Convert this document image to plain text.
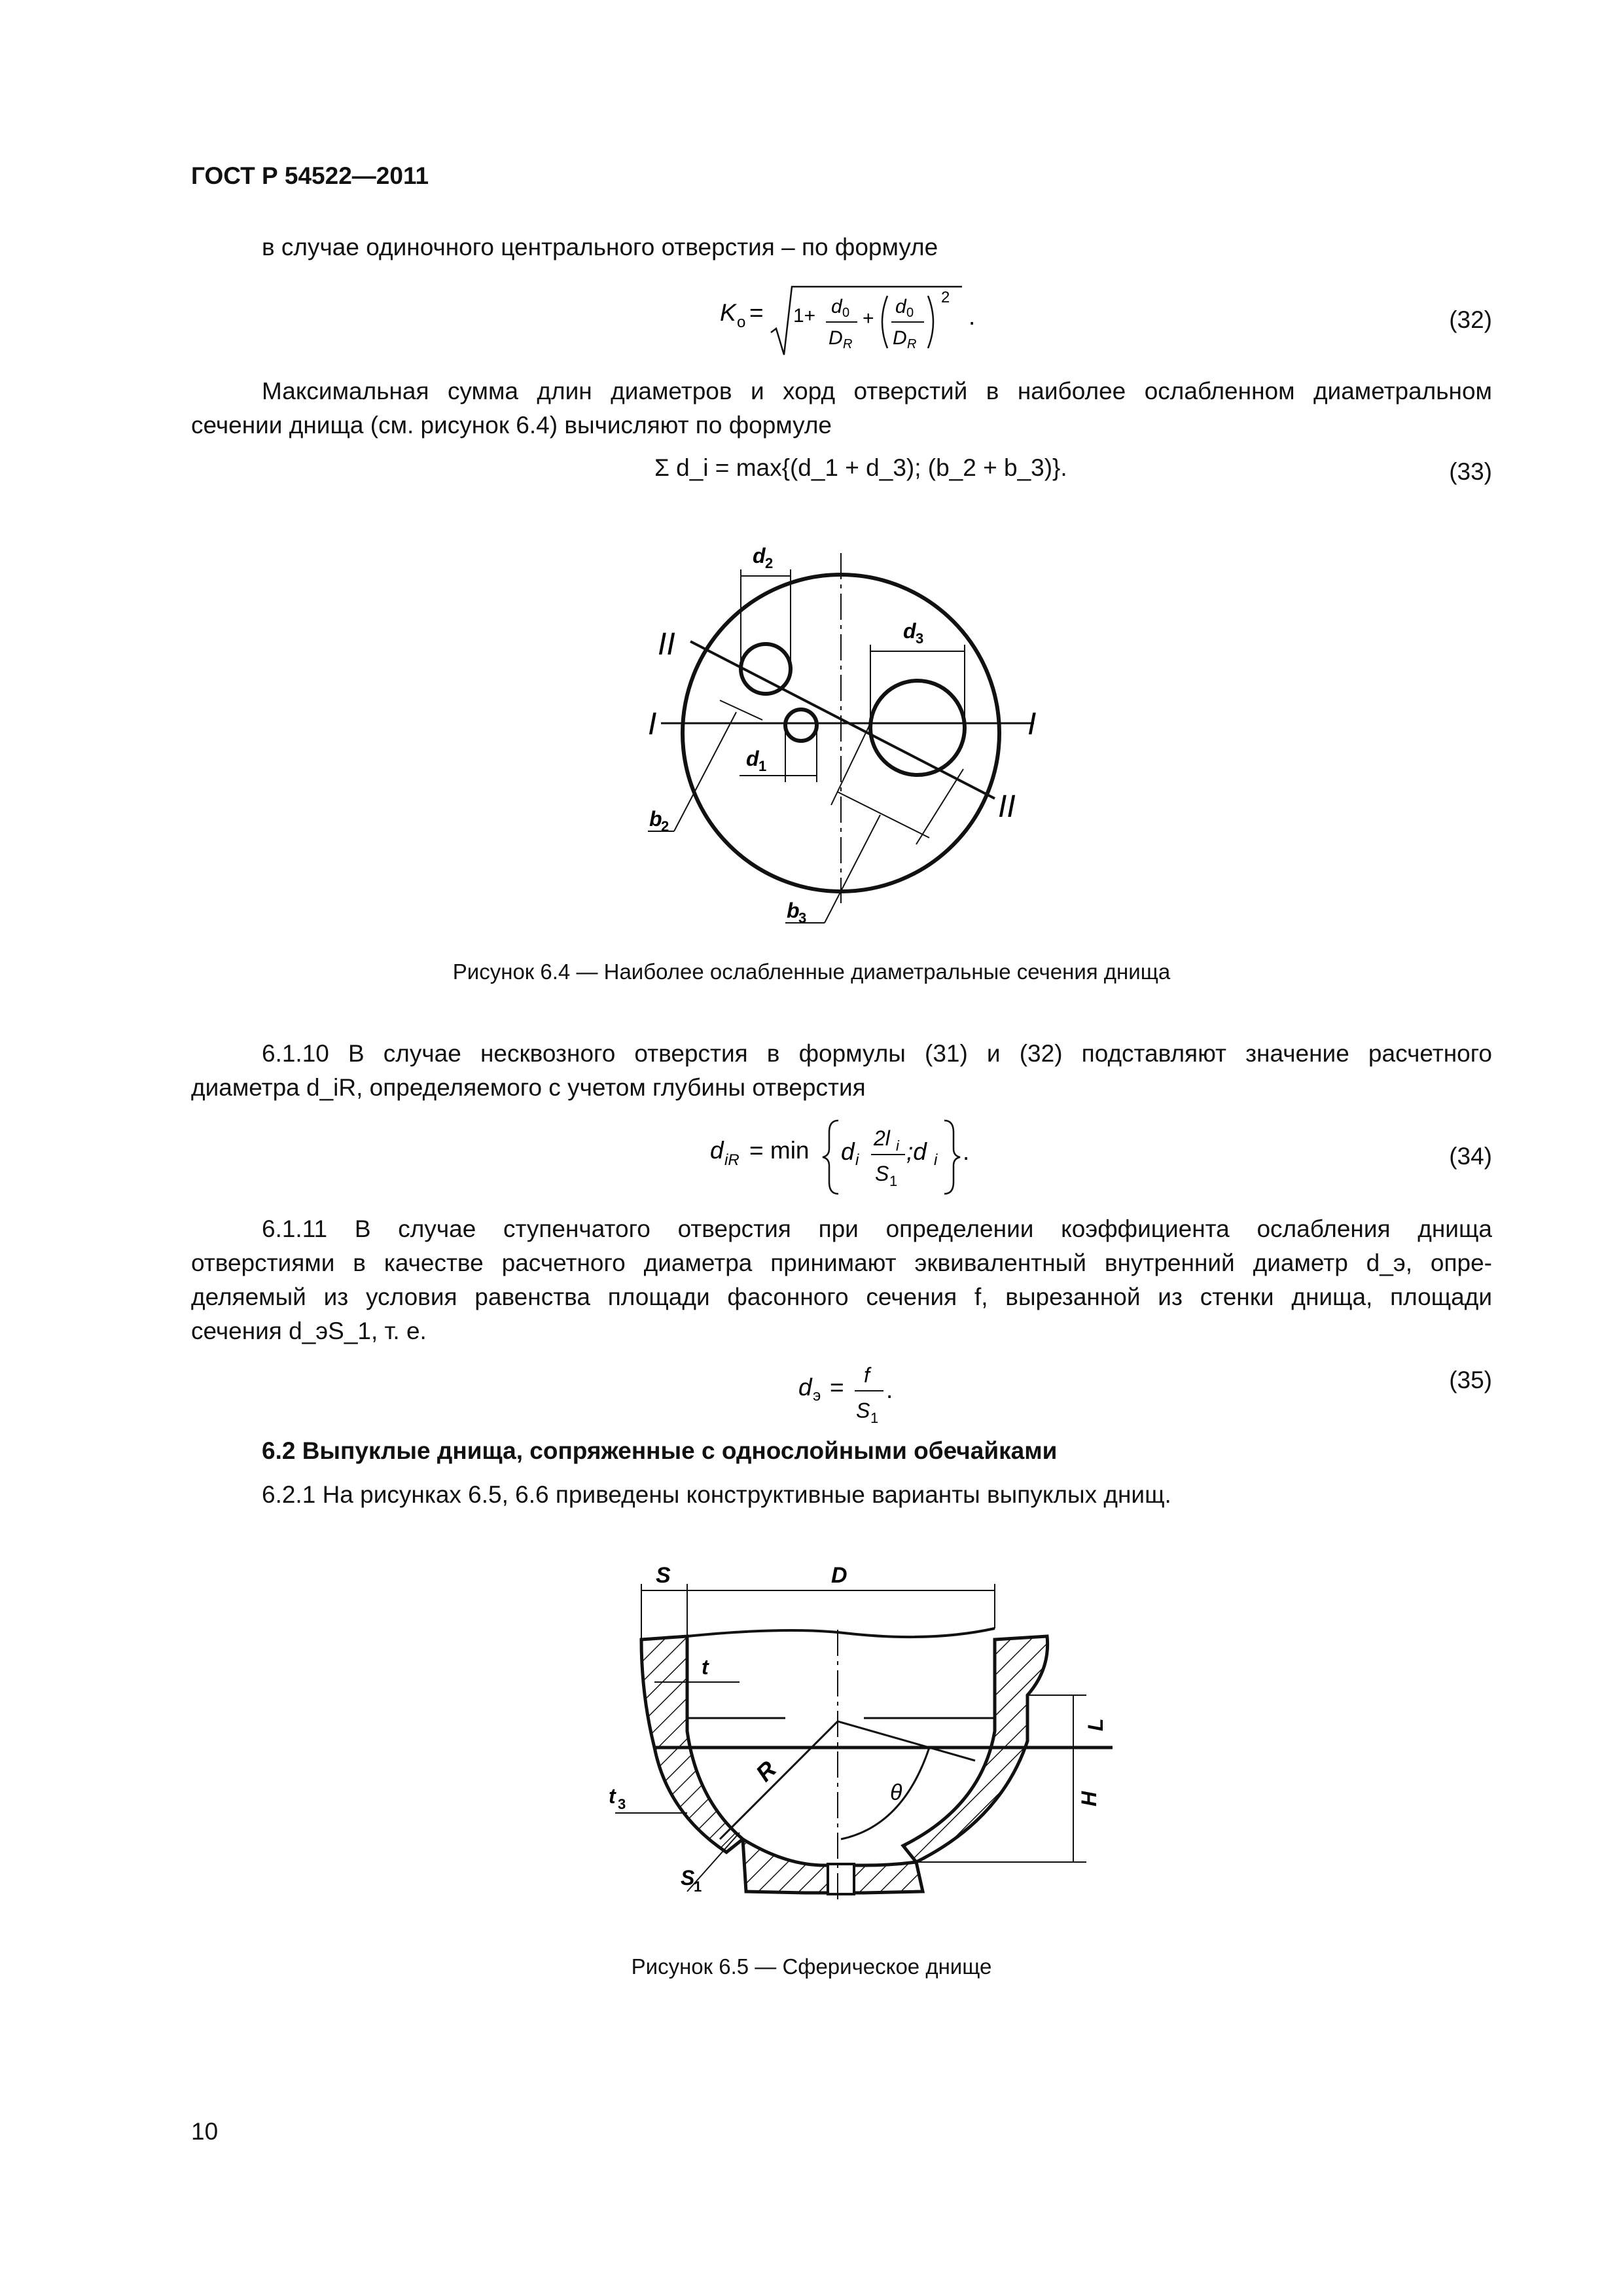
ГОСТ Р 54522—2011
в случае одиночного центрального отверстия – по формуле
K o = 1+ d 0
D R
+
d 0
D R
2
.	(32)
Максимальная сумма длин диаметров и хорд отверстий в наиболее ослабленном диаметральном
сечении днища (см. рисунок 6.4) вычисляют по формуле
Σ d_i = max{(d_1 + d_3); (b_2 + b_3)}.	(33)
d 2
d 3
d 1
b
2
b
3
I	I
II
II
Рисунок 6.4 — Наиболее ослабленные диаметральные сечения днища
6.1.10 В случае несквозного отверстия в формулы (31) и (32) подставляют значение расчетного
диаметра d_iR, определяемого с учетом глубины отверстия
d iR = min d i
2l i
S 1
;d i .	(34)
6.1.11 В случае ступенчатого отверстия при определении коэффициента ослабления днища
отверстиями в качестве расчетного диаметра принимают эквивалентный внутренний диаметр d_э, опре-
деляемый из условия равенства площади фасонного сечения f, вырезанной из стенки днища, площади
сечения d_эS_1, т. е.
d э = f
S 1
.	(35)
6.2 Выпуклые днища, сопряженные с однослойными обечайками
6.2.1 На рисунках 6.5, 6.6 приведены конструктивные варианты выпуклых днищ.
R
θ
S	D
t
L
H
t 3
S
1
Рисунок 6.5 — Сферическое днище
10
